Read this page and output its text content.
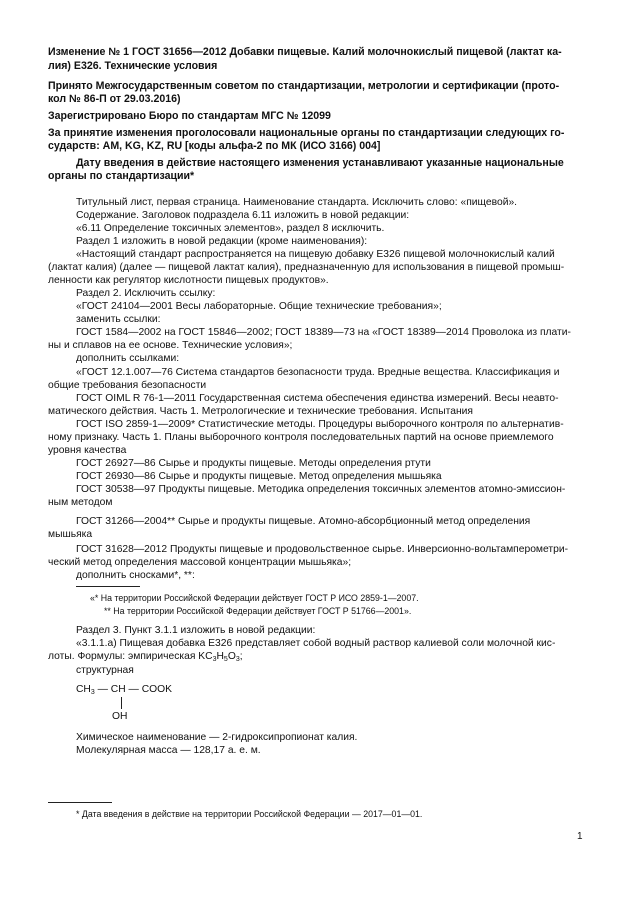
Изменение № 1 ГОСТ 31656—2012 Добавки пищевые. Калий молочнокислый пищевой (лактат ка-
лия) Е326. Технические условия
Принято Межгосударственным советом по стандартизации, метрологии и сертификации (прото-
кол № 86-П от 29.03.2016)
Зарегистрировано Бюро по стандартам МГС № 12099
За принятие изменения проголосовали национальные органы по стандартизации следующих го-
сударств: AM, KG, KZ, RU [коды альфа-2 по МК (ИСО 3166) 004]
Дату введения в действие настоящего изменения устанавливают указанные национальные
органы по стандартизации*
Титульный лист, первая страница. Наименование стандарта. Исключить слово: «пищевой».
Содержание. Заголовок подраздела 6.11 изложить в новой редакции:
«6.11 Определение токсичных элементов», раздел 8 исключить.
Раздел 1 изложить в новой редакции (кроме наименования):
«Настоящий стандарт распространяется на пищевую добавку Е326 пищевой молочнокислый калий
(лактат калия) (далее — пищевой лактат калия), предназначенную для использования в пищевой промыш-
ленности как регулятор кислотности пищевых продуктов».
Раздел 2. Исключить ссылку:
«ГОСТ 24104—2001 Весы лабораторные. Общие технические требования»;
заменить ссылки:
ГОСТ 1584—2002 на ГОСТ 15846—2002; ГОСТ 18389—73 на «ГОСТ 18389—2014 Проволока из плати-
ны и сплавов на ее основе. Технические условия»;
дополнить ссылками:
«ГОСТ 12.1.007—76 Система стандартов безопасности труда. Вредные вещества. Классификация и
общие требования безопасности
ГОСТ OIML R 76-1—2011 Государственная система обеспечения единства измерений. Весы неавто-
матического действия. Часть 1. Метрологические и технические требования. Испытания
ГОСТ ISO 2859-1—2009* Статистические методы. Процедуры выборочного контроля по альтернатив-
ному признаку. Часть 1. Планы выборочного контроля последовательных партий на основе приемлемого
уровня качества
ГОСТ 26927—86 Сырье и продукты пищевые. Методы определения ртути
ГОСТ 26930—86 Сырье и продукты пищевые. Метод определения мышьяка
ГОСТ 30538—97 Продукты пищевые. Методика определения токсичных элементов атомно-эмиссион-
ным методом
ГОСТ 31266—2004** Сырье и продукты пищевые. Атомно-абсорбционный метод определения
мышьяка
ГОСТ 31628—2012 Продукты пищевые и продовольственное сырье. Инверсионно-вольтамперометри-
ческий метод определения массовой концентрации мышьяка»;
дополнить сносками*, **:
«* На территории Российской Федерации действует ГОСТ Р ИСО 2859-1—2007.
** На территории Российской Федерации действует ГОСТ Р 51766—2001».
Раздел 3. Пункт 3.1.1 изложить в новой редакции:
«3.1.1.а) Пищевая добавка Е326 представляет собой водный раствор калиевой соли молочной кис-
лоты. Формулы: эмпирическая $KC_3H_5O_3$;
структурная
$CH_3$ — CH — COOK
OH
Химическое наименование — 2-гидроксипропионат калия.
Молекулярная масса — 128,17 а. е. м.
* Дата введения в действие на территории Российской Федерации — 2017—01—01.
1
